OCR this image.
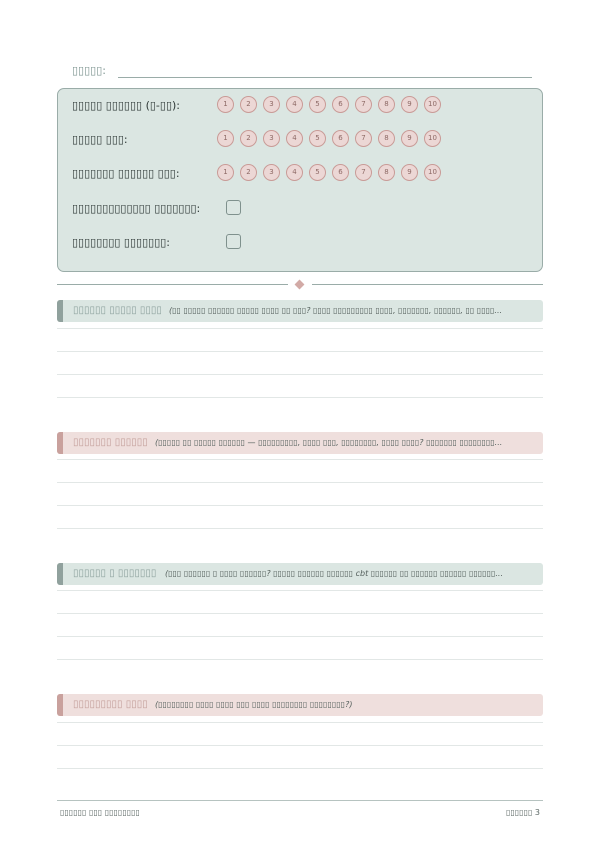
▯▯▯▯▯:
▯▯▯▯▯ ▯▯▯▯▯▯ (▯-▯▯):	1	2	3	4	5	6	7	8	9	10
▯▯▯▯▯ ▯▯▯:	1	2	3	4	5	6	7	8	9	10
▯▯▯▯▯▯▯ ▯▯▯▯▯▯ ▯▯▯:	1	2	3	4	5	6	7	8	9	10
▯▯▯▯▯▯▯▯▯▯▯▯▯ ▯▯▯▯▯▯▯:
▯▯▯▯▯▯▯▯ ▯▯▯▯▯▯▯:
▯▯▯▯▯▯ ▯▯▯▯▯ ▯▯▯▯ (▯▯ ▯▯▯▯▯ ▯▯▯▯▯▯ ▯▯▯▯▯ ▯▯▯▯ ▯▯ ▯▯▯? ▯▯▯▯ ▯▯▯▯▯▯▯▯▯ ▯▯▯▯, ▯▯▯▯▯▯▯, ▯▯▯▯▯▯, ▯▯ ▯▯▯▯...
▯▯▯▯▯▯▯ ▯▯▯▯▯▯ (▯▯▯▯▯ ▯▯ ▯▯▯▯▯ ▯▯▯▯▯▯ — ▯▯▯▯▯▯▯▯▯, ▯▯▯▯ ▯▯▯, ▯▯▯▯▯▯▯▯, ▯▯▯▯ ▯▯▯▯? ▯▯▯▯▯▯▯ ▯▯▯▯▯▯▯▯...
▯▯▯▯▯▯ ▯ ▯▯▯▯▯▯▯ (▯▯▯ ▯▯▯▯▯▯ ▯ ▯▯▯▯ ▯▯▯▯▯▯? ▯▯▯▯▯ ▯▯▯▯▯▯ ▯▯▯▯▯▯ cbt ▯▯▯▯▯▯ ▯▯ ▯▯▯▯▯▯ ▯▯▯▯▯▯ ▯▯▯▯▯▯...
▯▯▯▯▯▯▯▯▯ ▯▯▯▯ (▯▯▯▯▯▯▯▯ ▯▯▯▯ ▯▯▯▯ ▯▯▯ ▯▯▯▯ ▯▯▯▯▯▯▯▯ ▯▯▯▯▯▯▯▯?)
▯▯▯▯▯▯ ▯▯▯ ▯▯▯▯▯▯▯▯	▯▯▯▯▯▯ 3
